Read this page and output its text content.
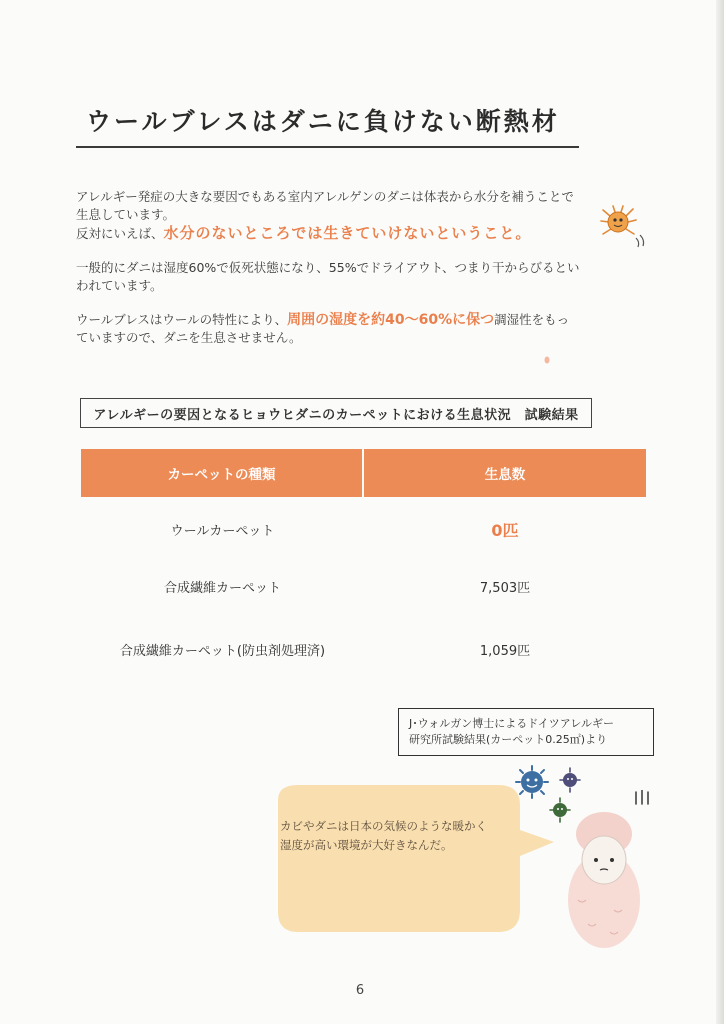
ウールブレスはダニに負けない断熱材

アレルギー発症の大きな要因でもある室内アレルゲンのダニは体表から水分を補うことで

生息しています。

反対にいえば、水分のないところでは生きていけないということ。

一般的にダニは湿度60%で仮死状態になり、55%でドライアウト、つまり干からびるとい

われています。

ウールブレスはウールの特性により、周囲の湿度を約40〜60%に保つ調湿性をもっ

ていますので、ダニを生息させません。

アレルギーの要因となるヒョウヒダニのカーペットにおける生息状況　試験結果
カーペットの種類	生息数
ウールカーペット	0匹
合成繊維カーペット	7,503匹
合成繊維カーペット(防虫剤処理済)	1,059匹

J･ウォルガン博士によるドイツアレルギー

研究所試験結果(カーペット0.25㎡)より

カビやダニは日本の気候のような暖かく

湿度が高い環境が大好きなんだ。

6
